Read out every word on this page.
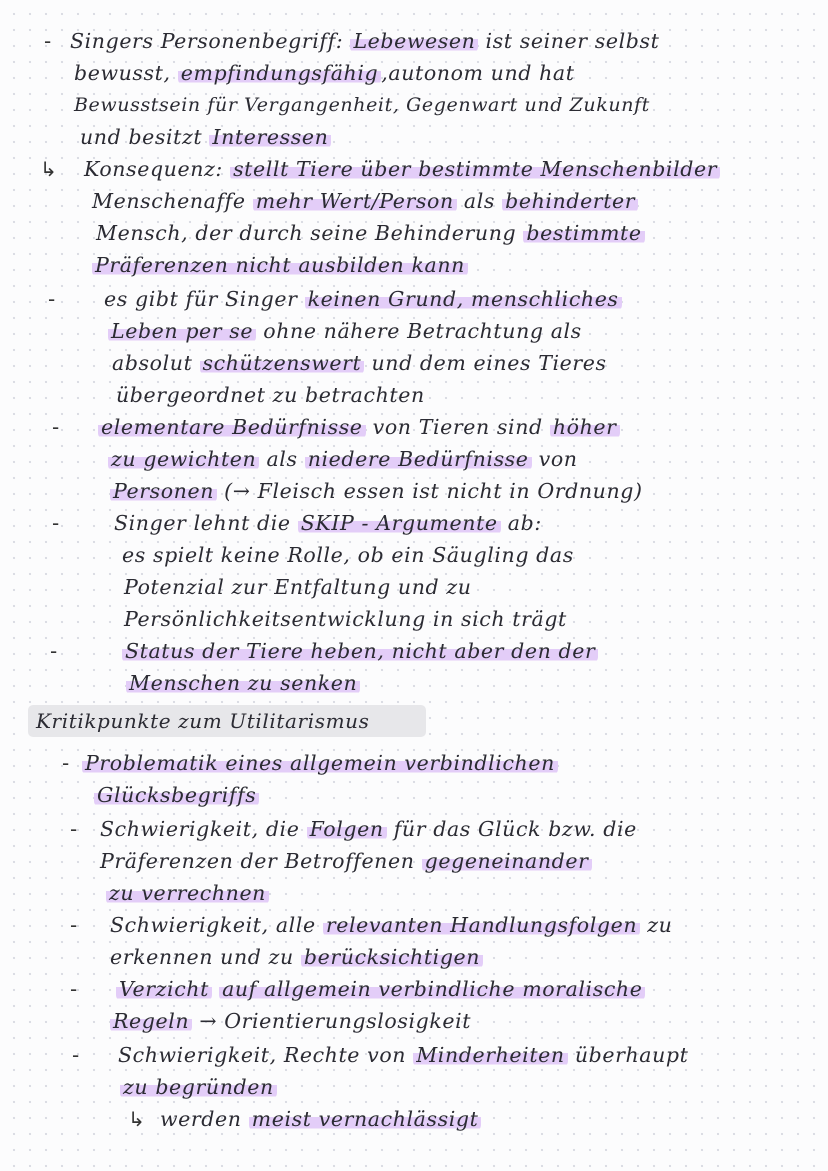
- Singers Personenbegriff: Lebewesen ist seiner selbst
bewusst, empfindungsfähig ,autonom und hat
Bewusstsein für Vergangenheit, Gegenwart und Zukunft
und besitzt Interessen
↳ Konsequenz: stellt Tiere über bestimmte Menschenbilder
Menschenaffe mehr Wert/Person als behinderter
Mensch, der durch seine Behinderung bestimmte
Präferenzen nicht ausbilden kann
- es gibt für Singer keinen Grund, menschliches
Leben per se ohne nähere Betrachtung als
absolut schützenswert und dem eines Tieres
übergeordnet zu betrachten
- elementare Bedürfnisse von Tieren sind höher
zu gewichten als niedere Bedürfnisse von
Personen (→ Fleisch essen ist nicht in Ordnung)
-	Singer lehnt die SKIP - Argumente ab:
es spielt keine Rolle, ob ein Säugling das
Potenzial zur Entfaltung und zu
Persönlichkeitsentwicklung in sich trägt
-	Status der Tiere heben, nicht aber den der
Menschen zu senken
Kritikpunkte zum Utilitarismus
- Problematik eines allgemein verbindlichen
Glücksbegriffs
- Schwierigkeit, die Folgen für das Glück bzw. die
Präferenzen der Betroffenen gegeneinander
zu verrechnen
- Schwierigkeit, alle relevanten Handlungsfolgen zu
erkennen und zu berücksichtigen
- Verzicht auf allgemein verbindliche moralische
Regeln → Orientierungslosigkeit
- Schwierigkeit, Rechte von Minderheiten überhaupt
zu begründen
↳ werden meist vernachlässigt
